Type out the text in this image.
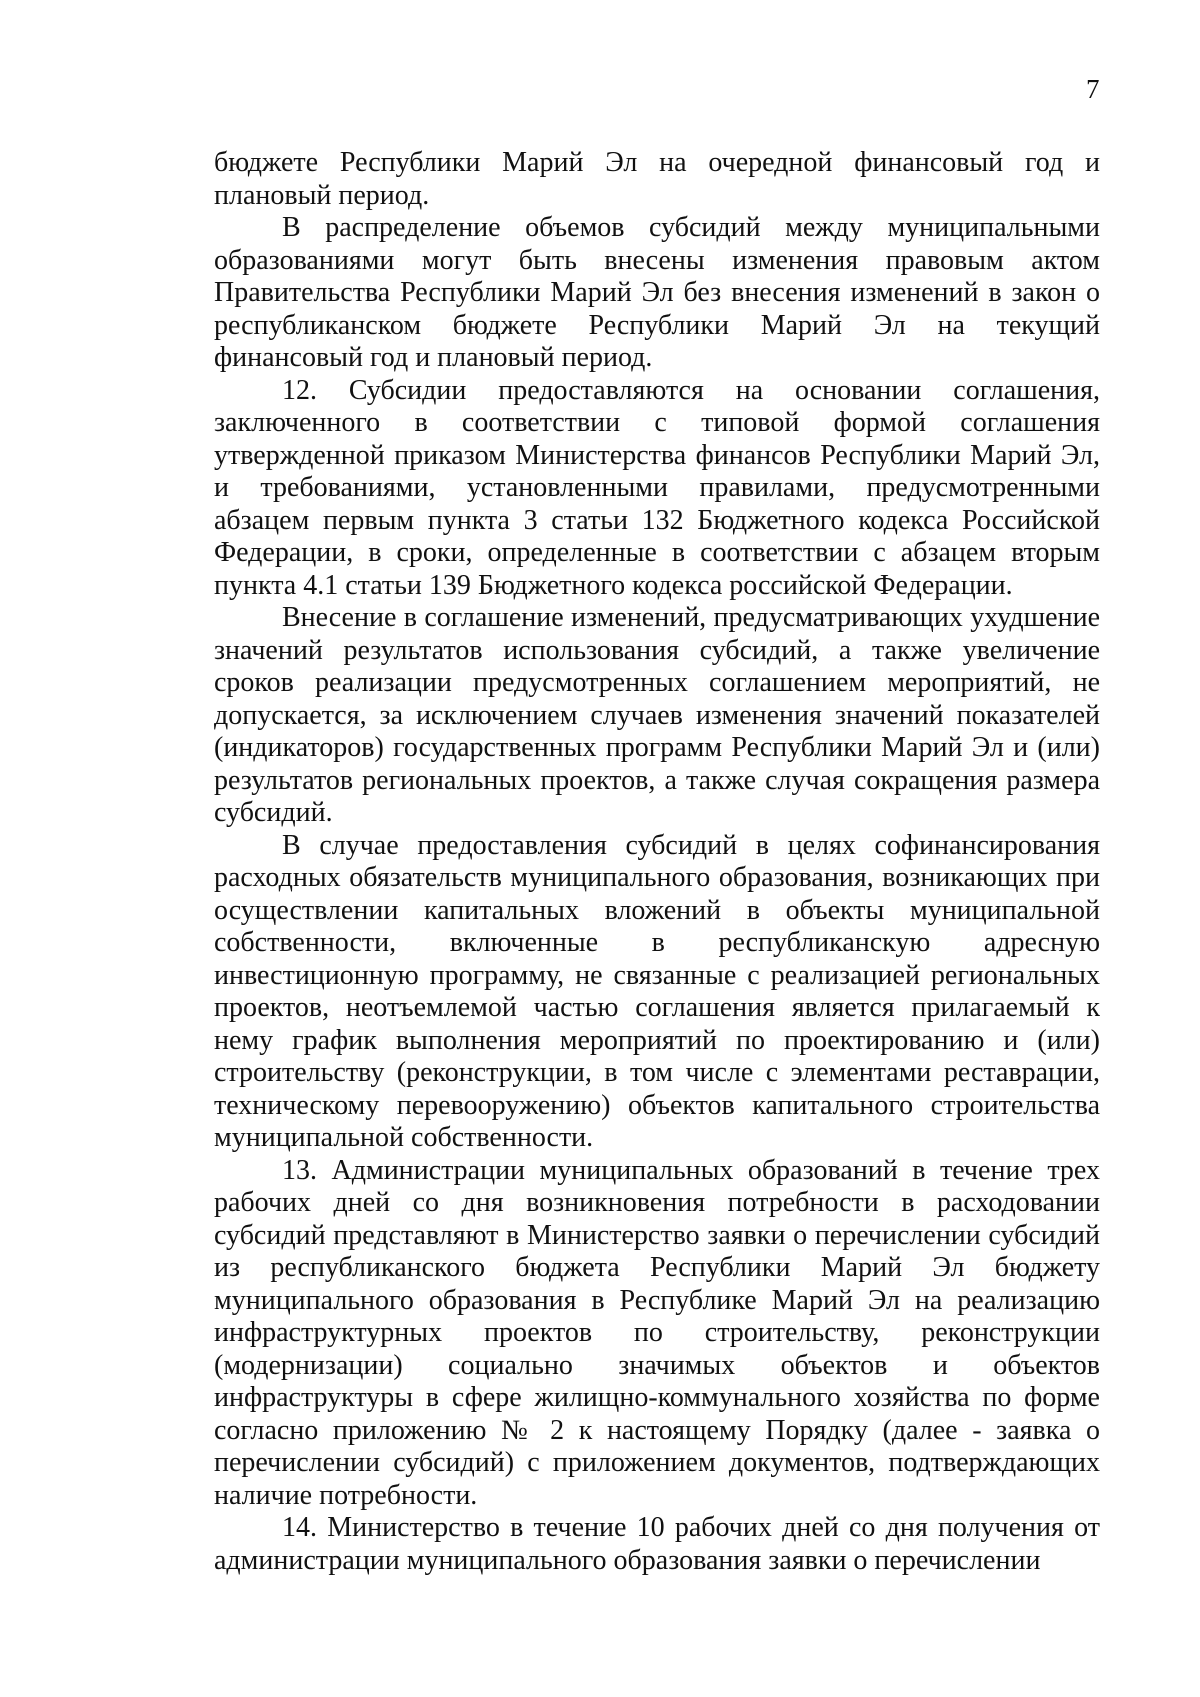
7

бюджете Республики Марий Эл на очередной финансовый год и плановый период.

В распределение объемов субсидий между муниципальными образованиями могут быть внесены изменения правовым актом Правительства Республики Марий Эл без внесения изменений в закон о республиканском бюджете Республики Марий Эл на текущий финансовый год и плановый период.

12. Субсидии предоставляются на основании соглашения, заключенного в соответствии с типовой формой соглашения утвержденной приказом Министерства финансов Республики Марий Эл, и требованиями, установленными правилами, предусмотренными абзацем первым пункта 3 статьи 132 Бюджетного кодекса Российской Федерации, в сроки, определенные в соответствии с абзацем вторым пункта 4.1 статьи 139 Бюджетного кодекса российской Федерации.

Внесение в соглашение изменений, предусматривающих ухудшение значений результатов использования субсидий, а также увеличение сроков реализации предусмотренных соглашением мероприятий, не допускается, за исключением случаев изменения значений показателей (индикаторов) государственных программ Республики Марий Эл и (или) результатов региональных проектов, а также случая сокращения размера субсидий.

В случае предоставления субсидий в целях софинансирования расходных обязательств муниципального образования, возникающих при осуществлении капитальных вложений в объекты муниципальной собственности, включенные в республиканскую адресную инвестиционную программу, не связанные с реализацией региональных проектов, неотъемлемой частью соглашения является прилагаемый к нему график выполнения мероприятий по проектированию и (или) строительству (реконструкции, в том числе с элементами реставрации, техническому перевооружению) объектов капитального строительства муниципальной собственности.

13. Администрации муниципальных образований в течение трех рабочих дней со дня возникновения потребности в расходовании субсидий представляют в Министерство заявки о перечислении субсидий из республиканского бюджета Республики Марий Эл бюджету муниципального образования в Республике Марий Эл на реализацию инфраструктурных проектов по строительству, реконструкции (модернизации) социально значимых объектов и объектов инфраструктуры в сфере жилищно-коммунального хозяйства по форме согласно приложению № 2 к настоящему Порядку (далее - заявка о перечислении субсидий) с приложением документов, подтверждающих наличие потребности.

14. Министерство в течение 10 рабочих дней со дня получения от администрации муниципального образования заявки о перечислении
